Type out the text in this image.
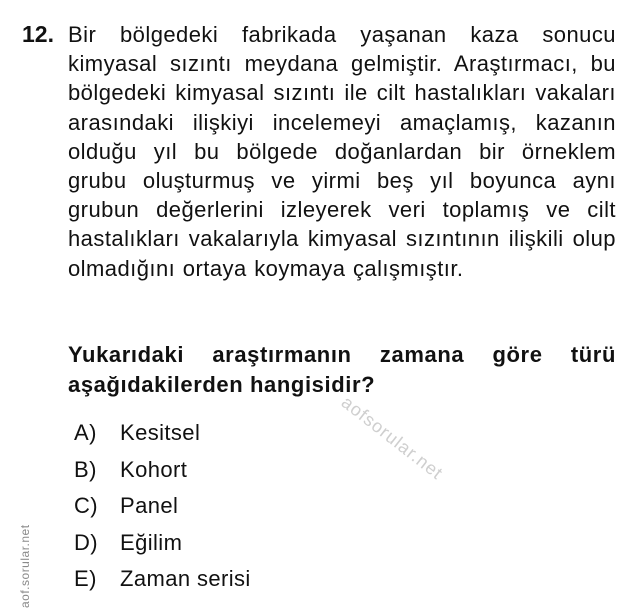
12. Bir bölgedeki fabrikada yaşanan kaza sonucu kimyasal sızıntı meydana gelmiştir. Araştırmacı, bu bölgedeki kimyasal sızıntı ile cilt hastalıkları vakaları arasındaki ilişkiyi incelemeyi amaçlamış, kazanın olduğu yıl bu bölgede doğanlardan bir örneklem grubu oluşturmuş ve yirmi beş yıl boyunca aynı grubun değerlerini izleyerek veri toplamış ve cilt hastalıkları vakalarıyla kimyasal sızıntının ilişkili olup olmadığını ortaya koymaya çalışmıştır.
Yukarıdaki araştırmanın zamana göre türü aşağıdakilerden hangisidir?
A)	Kesitsel
B)	Kohort
C) Panel
D) Eğilim
E)	Zaman serisi
aofsorular.net
aof.sorular.net
